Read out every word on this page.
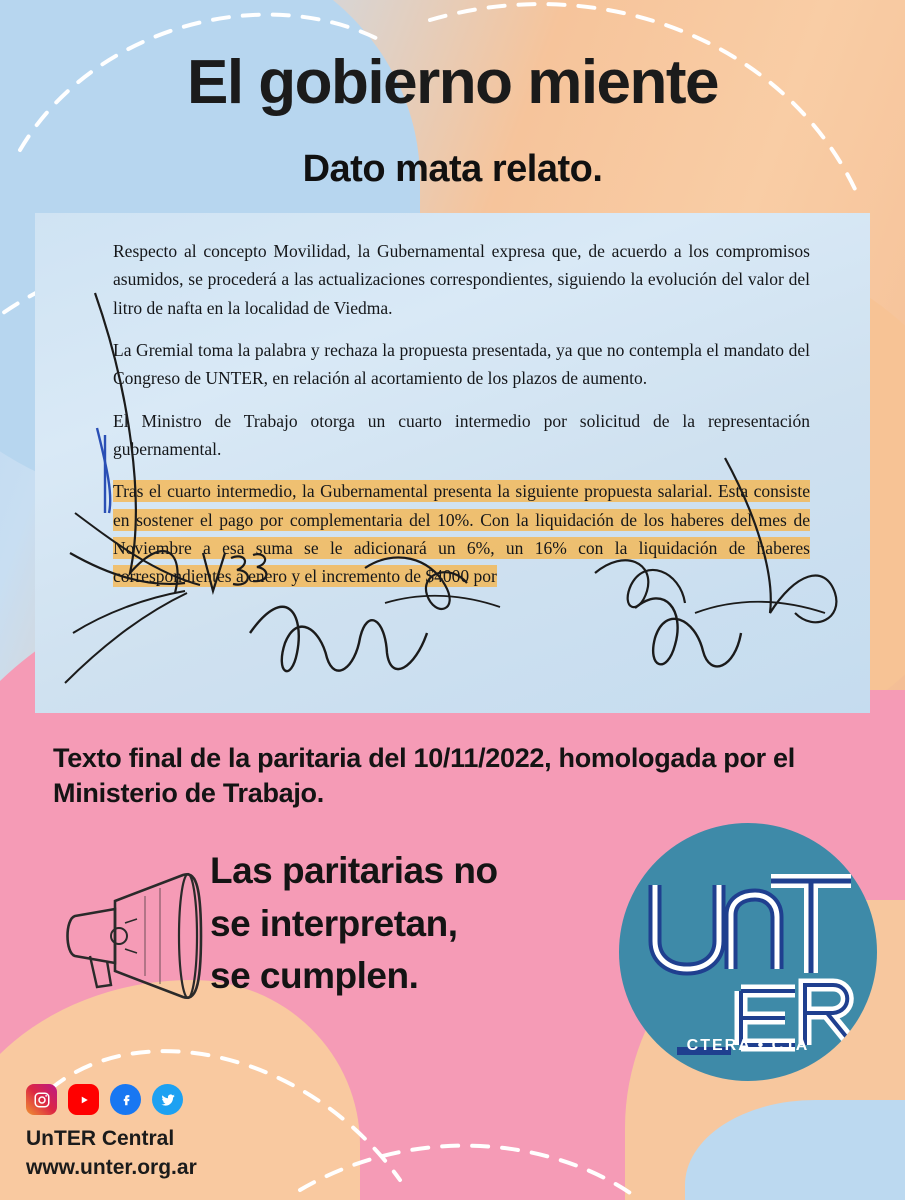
El gobierno miente
Dato mata relato.

Respecto al concepto Movilidad, la Gubernamental expresa que, de acuerdo a los compromisos asumidos, se procederá a las actualizaciones correspondientes, siguiendo la evolución del valor del litro de nafta en la localidad de Viedma.

La Gremial toma la palabra y rechaza la propuesta presentada, ya que no contempla el mandato del Congreso de UNTER, en relación al acortamiento de los plazos de aumento.

El Ministro de Trabajo otorga un cuarto intermedio por solicitud de la representación gubernamental.

Tras el cuarto intermedio, la Gubernamental presenta la siguiente propuesta salarial. Esta consiste en sostener el pago por complementaria del 10%. Con la liquidación de los haberes del mes de Noviembre a esa suma se le adicionará un 6%, un 16% con la liquidación de haberes correspondientes a enero y el incremento de $4000 por

Texto final de la paritaria del 10/11/2022, homologada por el Ministerio de Trabajo.

Las paritarias no
se interpretan,
se cumplen.
CTERA • CTA
UnTER Central
www.unter.org.ar
